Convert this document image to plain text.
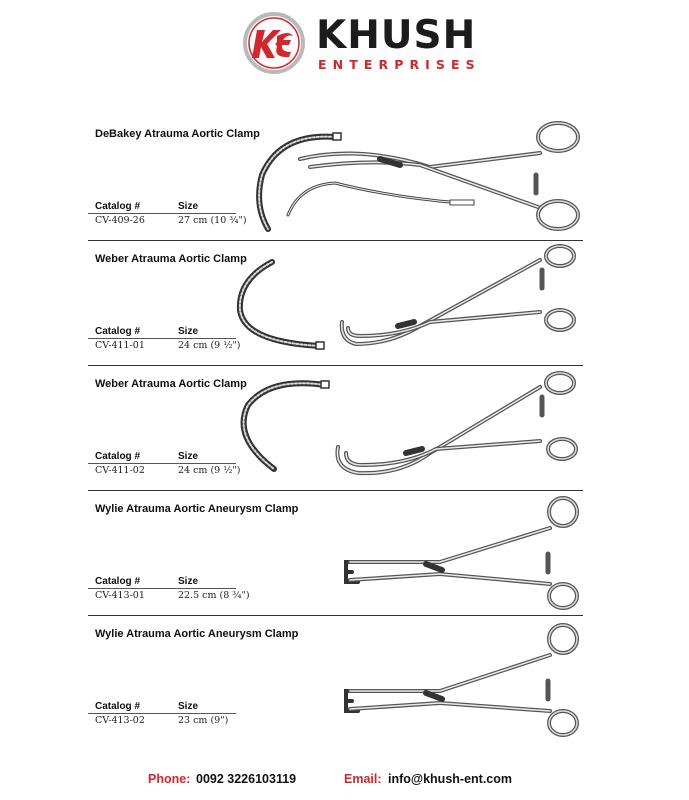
KHUSH
ENTERPRISES
DeBakey Atrauma Aortic Clamp
Catalog #	Size
CV-409-26	27 cm (10 ¾")
Weber Atrauma Aortic Clamp
Catalog #	Size
CV-411-01	24 cm (9 ½")
Weber Atrauma Aortic Clamp
Catalog #	Size
CV-411-02	24 cm (9 ½")
Wylie Atrauma Aortic Aneurysm Clamp
Catalog #	Size
CV-413-01	22.5 cm (8 ¾")
Wylie Atrauma Aortic Aneurysm Clamp
Catalog #	Size
CV-413-02	23 cm (9")
Phone: 0092 3226103119	Email: info@khush-ent.com
